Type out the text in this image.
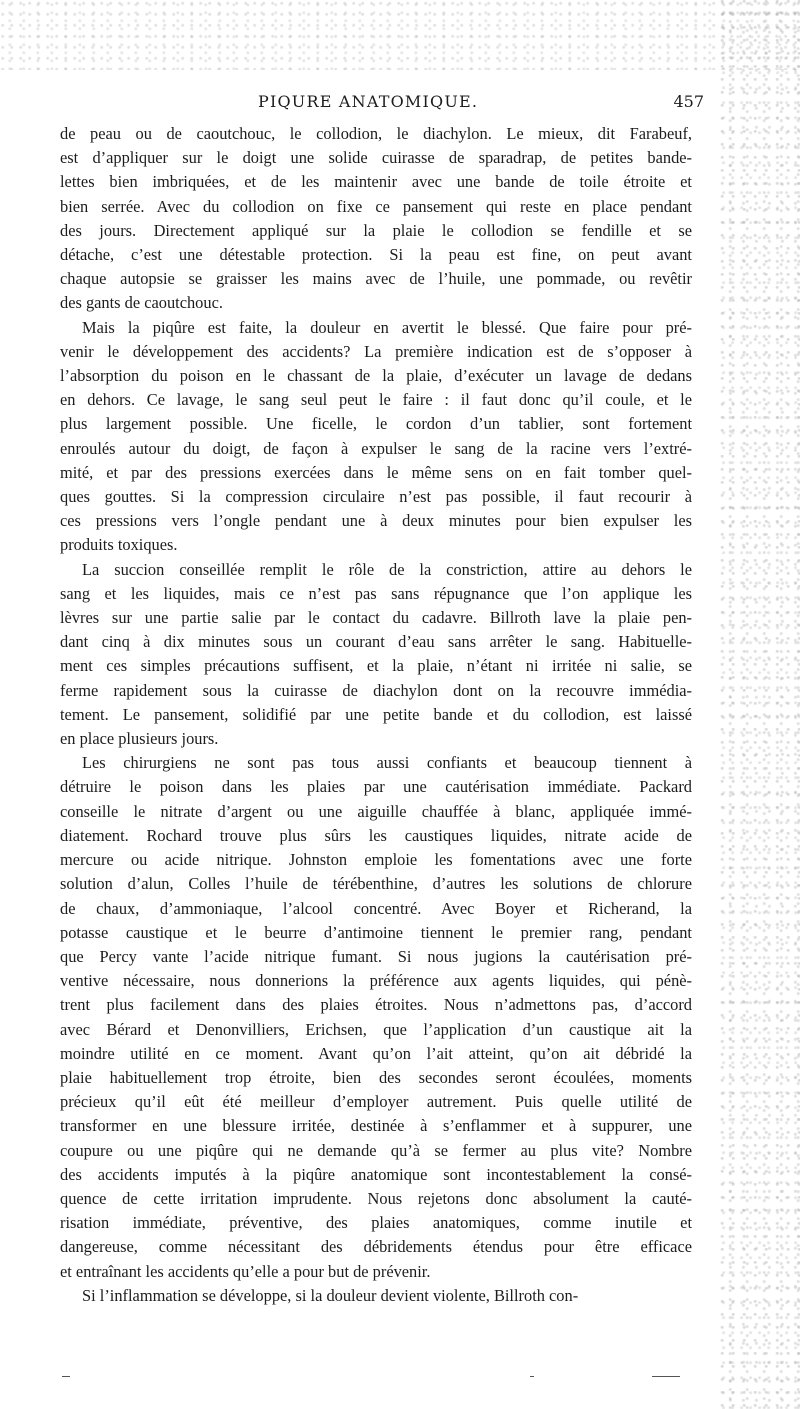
PIQURE ANATOMIQUE.	457

de peau ou de caoutchouc, le collodion, le diachylon. Le mieux, dit Farabeuf,
est d’appliquer sur le doigt une solide cuirasse de sparadrap, de petites bande-
lettes bien imbriquées, et de les maintenir avec une bande de toile étroite et
bien serrée. Avec du collodion on fixe ce pansement qui reste en place pendant
des jours. Directement appliqué sur la plaie le collodion se fendille et se
détache, c’est une détestable protection. Si la peau est fine, on peut avant
chaque autopsie se graisser les mains avec de l’huile, une pommade, ou revêtir
des gants de caoutchouc.

Mais la piqûre est faite, la douleur en avertit le blessé. Que faire pour pré-
venir le développement des accidents? La première indication est de s’opposer à
l’absorption du poison en le chassant de la plaie, d’exécuter un lavage de dedans
en dehors. Ce lavage, le sang seul peut le faire : il faut donc qu’il coule, et le
plus largement possible. Une ficelle, le cordon d’un tablier, sont fortement
enroulés autour du doigt, de façon à expulser le sang de la racine vers l’extré-
mité, et par des pressions exercées dans le même sens on en fait tomber quel-
ques gouttes. Si la compression circulaire n’est pas possible, il faut recourir à
ces pressions vers l’ongle pendant une à deux minutes pour bien expulser les
produits toxiques.

La succion conseillée remplit le rôle de la constriction, attire au dehors le
sang et les liquides, mais ce n’est pas sans répugnance que l’on applique les
lèvres sur une partie salie par le contact du cadavre. Billroth lave la plaie pen-
dant cinq à dix minutes sous un courant d’eau sans arrêter le sang. Habituelle-
ment ces simples précautions suffisent, et la plaie, n’étant ni irritée ni salie, se
ferme rapidement sous la cuirasse de diachylon dont on la recouvre immédia-
tement. Le pansement, solidifié par une petite bande et du collodion, est laissé
en place plusieurs jours.

Les chirurgiens ne sont pas tous aussi confiants et beaucoup tiennent à
détruire le poison dans les plaies par une cautérisation immédiate. Packard
conseille le nitrate d’argent ou une aiguille chauffée à blanc, appliquée immé-
diatement. Rochard trouve plus sûrs les caustiques liquides, nitrate acide de
mercure ou acide nitrique. Johnston emploie les fomentations avec une forte
solution d’alun, Colles l’huile de térébenthine, d’autres les solutions de chlorure
de chaux, d’ammoniaque, l’alcool concentré. Avec Boyer et Richerand, la
potasse caustique et le beurre d’antimoine tiennent le premier rang, pendant
que Percy vante l’acide nitrique fumant. Si nous jugions la cautérisation pré-
ventive nécessaire, nous donnerions la préférence aux agents liquides, qui pénè-
trent plus facilement dans des plaies étroites. Nous n’admettons pas, d’accord
avec Bérard et Denonvilliers, Erichsen, que l’application d’un caustique ait la
moindre utilité en ce moment. Avant qu’on l’ait atteint, qu’on ait débridé la
plaie habituellement trop étroite, bien des secondes seront écoulées, moments
précieux qu’il eût été meilleur d’employer autrement. Puis quelle utilité de
transformer en une blessure irritée, destinée à s’enflammer et à suppurer, une
coupure ou une piqûre qui ne demande qu’à se fermer au plus vite? Nombre
des accidents imputés à la piqûre anatomique sont incontestablement la consé-
quence de cette irritation imprudente. Nous rejetons donc absolument la cauté-
risation immédiate, préventive, des plaies anatomiques, comme inutile et
dangereuse, comme nécessitant des débridements étendus pour être efficace
et entraînant les accidents qu’elle a pour but de prévenir.

Si l’inflammation se développe, si la douleur devient violente, Billroth con-
